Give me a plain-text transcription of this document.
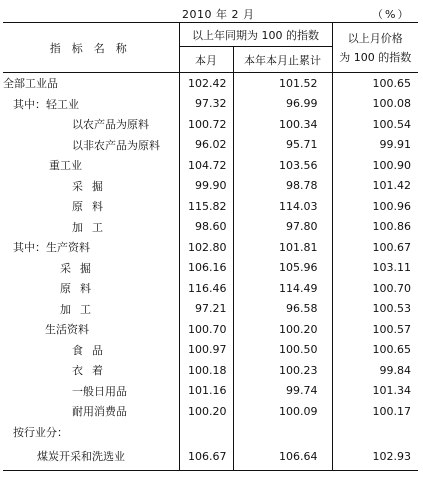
2010 年 2 月	（%）
指标名称	以上年同期为 100 的指数		以上月价格
为 100 的指数

	本月	本年本月止累计	
全部工业品	102.42	101.52	100.65
其中：轻工业	97.32	96.99	100.08
以农产品为原料	100.72	100.34	100.54
以非农产品为原料	96.02	95.71	99.91
重工业	104.72	103.56	100.90
采掘	99.90	98.78	101.42
原料	115.82	114.03	100.96
加工	98.60	97.80	100.86
其中：生产资料	102.80	101.81	100.67
采掘	106.16	105.96	103.11
原料	116.46	114.49	100.70
加工	97.21	96.58	100.53
生活资料	100.70	100.20	100.57
食品	100.97	100.50	100.65
衣着	100.18	100.23	99.84
一般日用品	101.16	99.74	101.34
耐用消费品	100.20	100.09	100.17
按行业分：			
煤炭开采和洗选业	106.67	106.64	102.93
